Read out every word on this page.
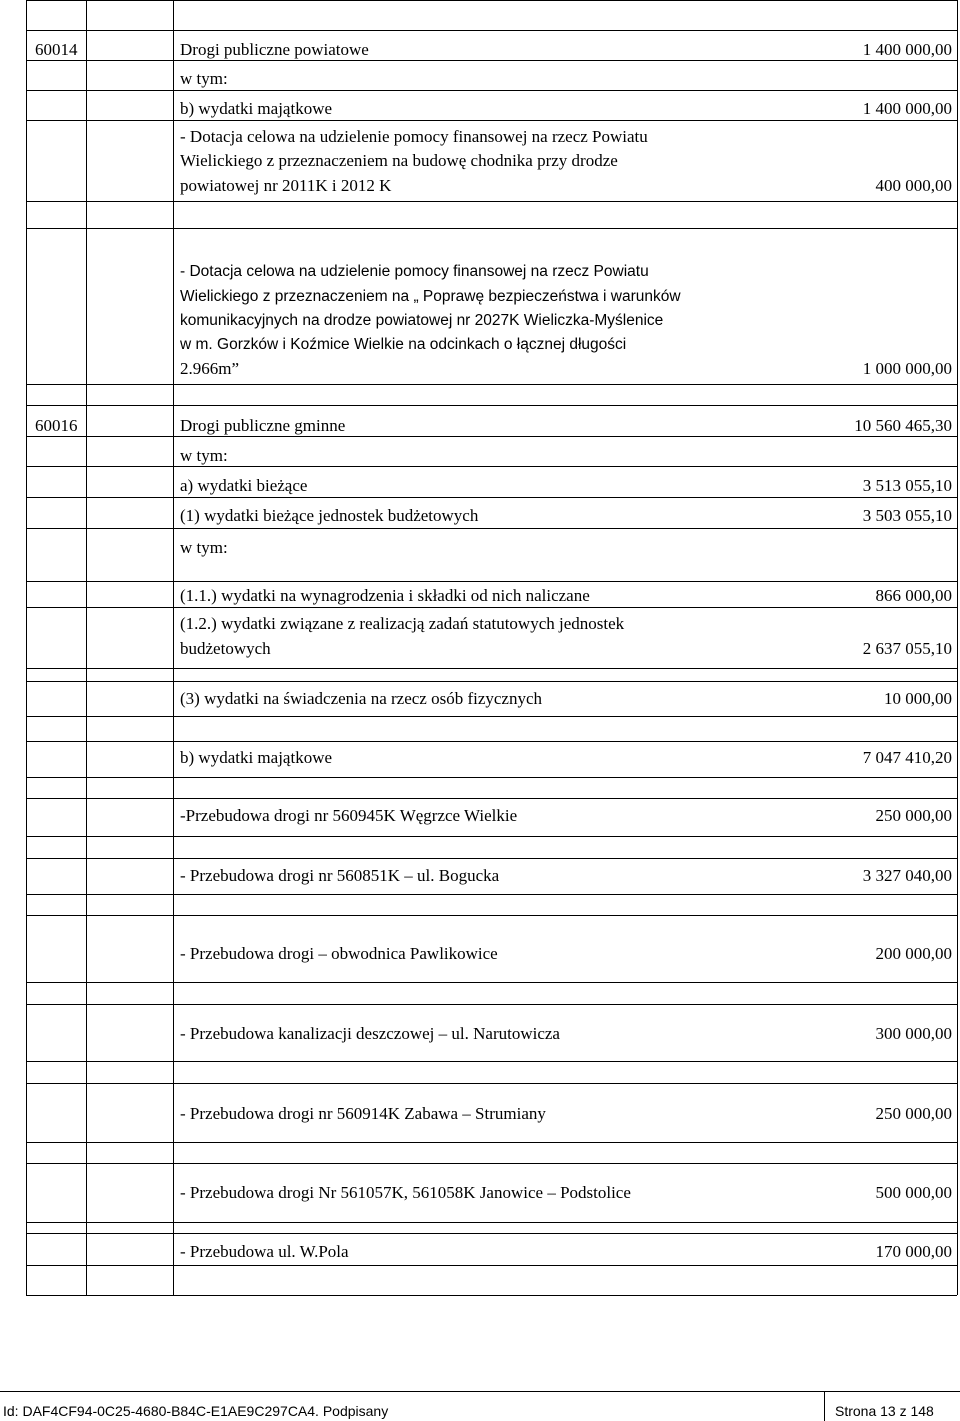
60014	Drogi publiczne powiatowe	1 400 000,00
w tym:
b) wydatki majątkowe	1 400 000,00
- Dotacja celowa na udzielenie pomocy finansowej na rzecz Powiatu
Wielickiego z przeznaczeniem na budowę chodnika przy drodze
powiatowej nr 2011K i 2012 K	400 000,00
- Dotacja celowa na udzielenie pomocy finansowej na rzecz Powiatu
Wielickiego z przeznaczeniem na „ Poprawę bezpieczeństwa i warunków
komunikacyjnych na drodze powiatowej nr 2027K Wieliczka-Myślenice
w m. Gorzków i Koźmice Wielkie na odcinkach o łącznej długości
2.966m”	1 000 000,00
60016	Drogi publiczne gminne	10 560 465,30
w tym:
a) wydatki bieżące	3 513 055,10
(1) wydatki bieżące jednostek budżetowych	3 503 055,10
w tym:
(1.1.) wydatki na wynagrodzenia i składki od nich naliczane	866 000,00
(1.2.) wydatki związane z realizacją zadań statutowych jednostek
budżetowych	2 637 055,10
(3) wydatki na świadczenia na rzecz osób fizycznych	10 000,00
b) wydatki majątkowe	7 047 410,20
-Przebudowa drogi nr 560945K Węgrzce Wielkie	250 000,00
- Przebudowa drogi nr 560851K – ul. Bogucka	3 327 040,00
- Przebudowa drogi – obwodnica Pawlikowice	200 000,00
- Przebudowa kanalizacji deszczowej – ul. Narutowicza	300 000,00
- Przebudowa drogi nr 560914K Zabawa – Strumiany	250 000,00
- Przebudowa drogi Nr 561057K, 561058K Janowice – Podstolice	500 000,00
- Przebudowa ul. W.Pola	170 000,00
Id: DAF4CF94-0C25-4680-B84C-E1AE9C297CA4. Podpisany	Strona 13 z 148
